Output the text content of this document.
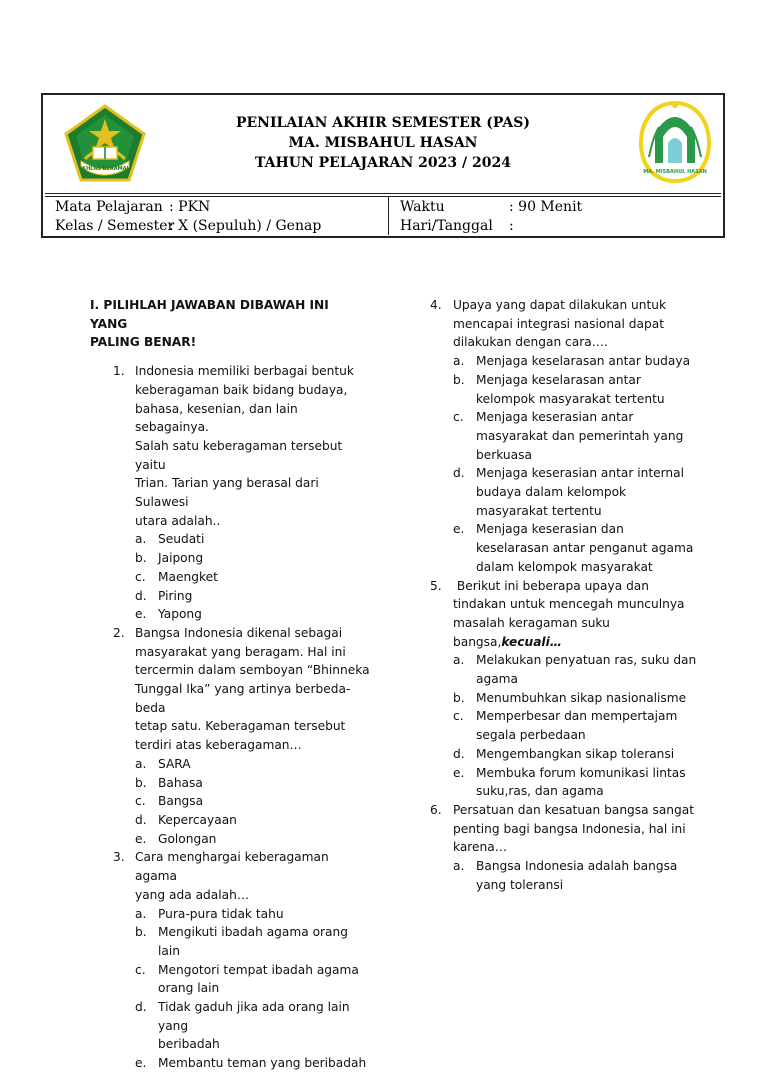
IKHLAS BERAMAL
PENILAIAN AKHIR SEMESTER (PAS)
MA. MISBAHUL HASAN
TAHUN PELAJARAN 2023 / 2024
MA. MISBAHUL HASAN
Mata Pelajaran : PKN
Kelas / Semester
: X (Sepuluh) / Genap
Waktu	: 90 Menit
Hari/Tanggal :
I. PILIHLAH JAWABAN DIBAWAH INI YANG
PALING BENAR!
1. Indonesia memiliki berbagai bentuk
keberagaman baik bidang budaya,
bahasa, kesenian, dan lain sebagainya.
Salah satu keberagaman tersebut yaitu
Trian. Tarian yang berasal dari Sulawesi
utara adalah..
a. Seudati
b. Jaipong
c. Maengket
d. Piring
e. Yapong
2. Bangsa Indonesia dikenal sebagai
masyarakat yang beragam. Hal ini
tercermin dalam semboyan “Bhinneka
Tunggal Ika” yang artinya berbeda-beda
tetap satu. Keberagaman tersebut
terdiri atas keberagaman…
a. SARA
b. Bahasa
c. Bangsa
d. Kepercayaan
e. Golongan
3. Cara menghargai keberagaman agama
yang ada adalah…
a. Pura-pura tidak tahu
b. Mengikuti ibadah agama orang lain
c. Mengotori tempat ibadah agama
orang lain
d. Tidak gaduh jika ada orang lain yang
beribadah
e. Membantu teman yang beribadah
4. Upaya yang dapat dilakukan untuk
mencapai integrasi nasional dapat
dilakukan dengan cara….
a. Menjaga keselarasan antar budaya
b. Menjaga keselarasan antar
kelompok masyarakat tertentu
c. Menjaga keserasian antar
masyarakat dan pemerintah yang
berkuasa
d. Menjaga keserasian antar internal
budaya dalam kelompok
masyarakat tertentu
e. Menjaga keserasian dan
keselarasan antar penganut agama
dalam kelompok masyarakat
5. Berikut ini beberapa upaya dan
tindakan untuk mencegah munculnya
masalah keragaman suku
bangsa,kecuali…
a. Melakukan penyatuan ras, suku dan
agama
b. Menumbuhkan sikap nasionalisme
c. Memperbesar dan mempertajam
segala perbedaan
d. Mengembangkan sikap toleransi
e. Membuka forum komunikasi lintas
suku,ras, dan agama
6. Persatuan dan kesatuan bangsa sangat
penting bagi bangsa Indonesia, hal ini
karena…
a. Bangsa Indonesia adalah bangsa
yang toleransi
